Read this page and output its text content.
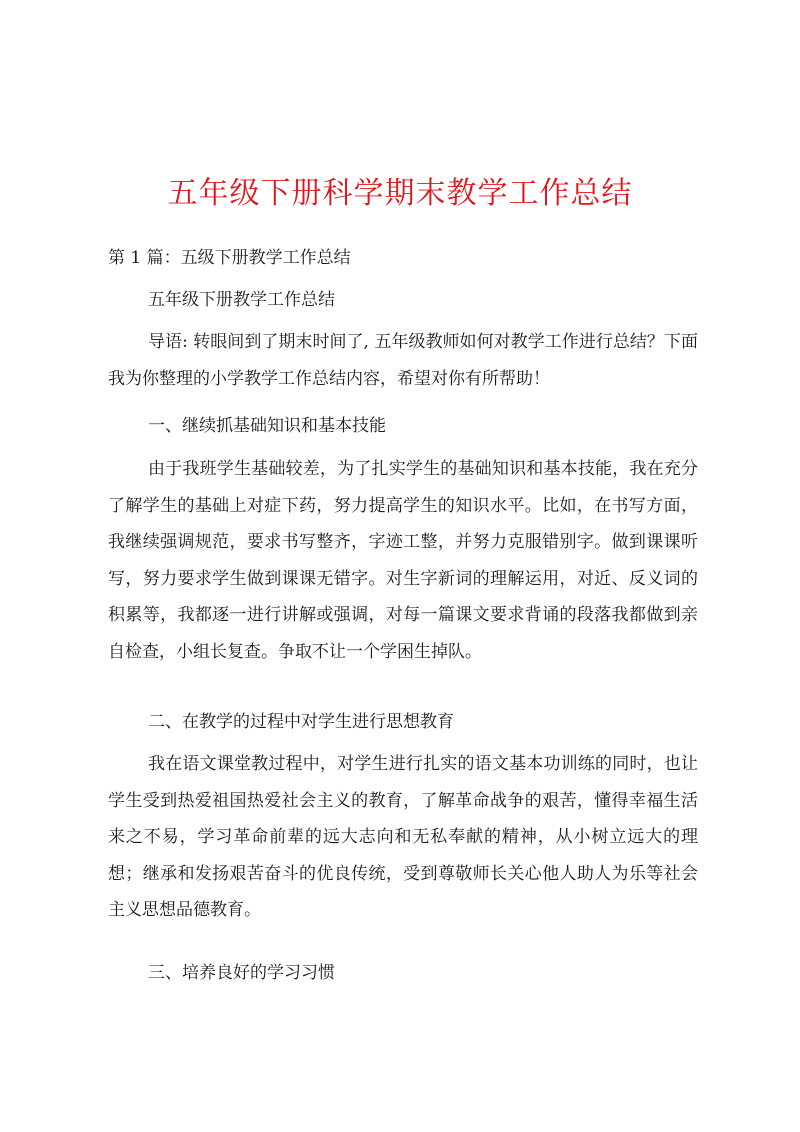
五年级下册科学期末教学工作总结

第 1 篇：五级下册教学工作总结

五年级下册教学工作总结

导语: 转眼间到了期末时间了, 五年级教师如何对教学工作进行总结？下面我为你整理的小学教学工作总结内容，希望对你有所帮助！

一、继续抓基础知识和基本技能

由于我班学生基础较差，为了扎实学生的基础知识和基本技能，我在充分了解学生的基础上对症下药，努力提高学生的知识水平。比如，在书写方面，我继续强调规范，要求书写整齐，字迹工整，并努力克服错别字。做到课课听写，努力要求学生做到课课无错字。对生字新词的理解运用，对近、反义词的积累等，我都逐一进行讲解或强调，对每一篇课文要求背诵的段落我都做到亲自检查，小组长复查。争取不让一个学困生掉队。

二、在教学的过程中对学生进行思想教育

我在语文课堂教过程中，对学生进行扎实的语文基本功训练的同时，也让学生受到热爱祖国热爱社会主义的教育，了解革命战争的艰苦，懂得幸福生活来之不易，学习革命前辈的远大志向和无私奉献的精神，从小树立远大的理想；继承和发扬艰苦奋斗的优良传统，受到尊敬师长关心他人助人为乐等社会主义思想品德教育。

三、培养良好的学习习惯
